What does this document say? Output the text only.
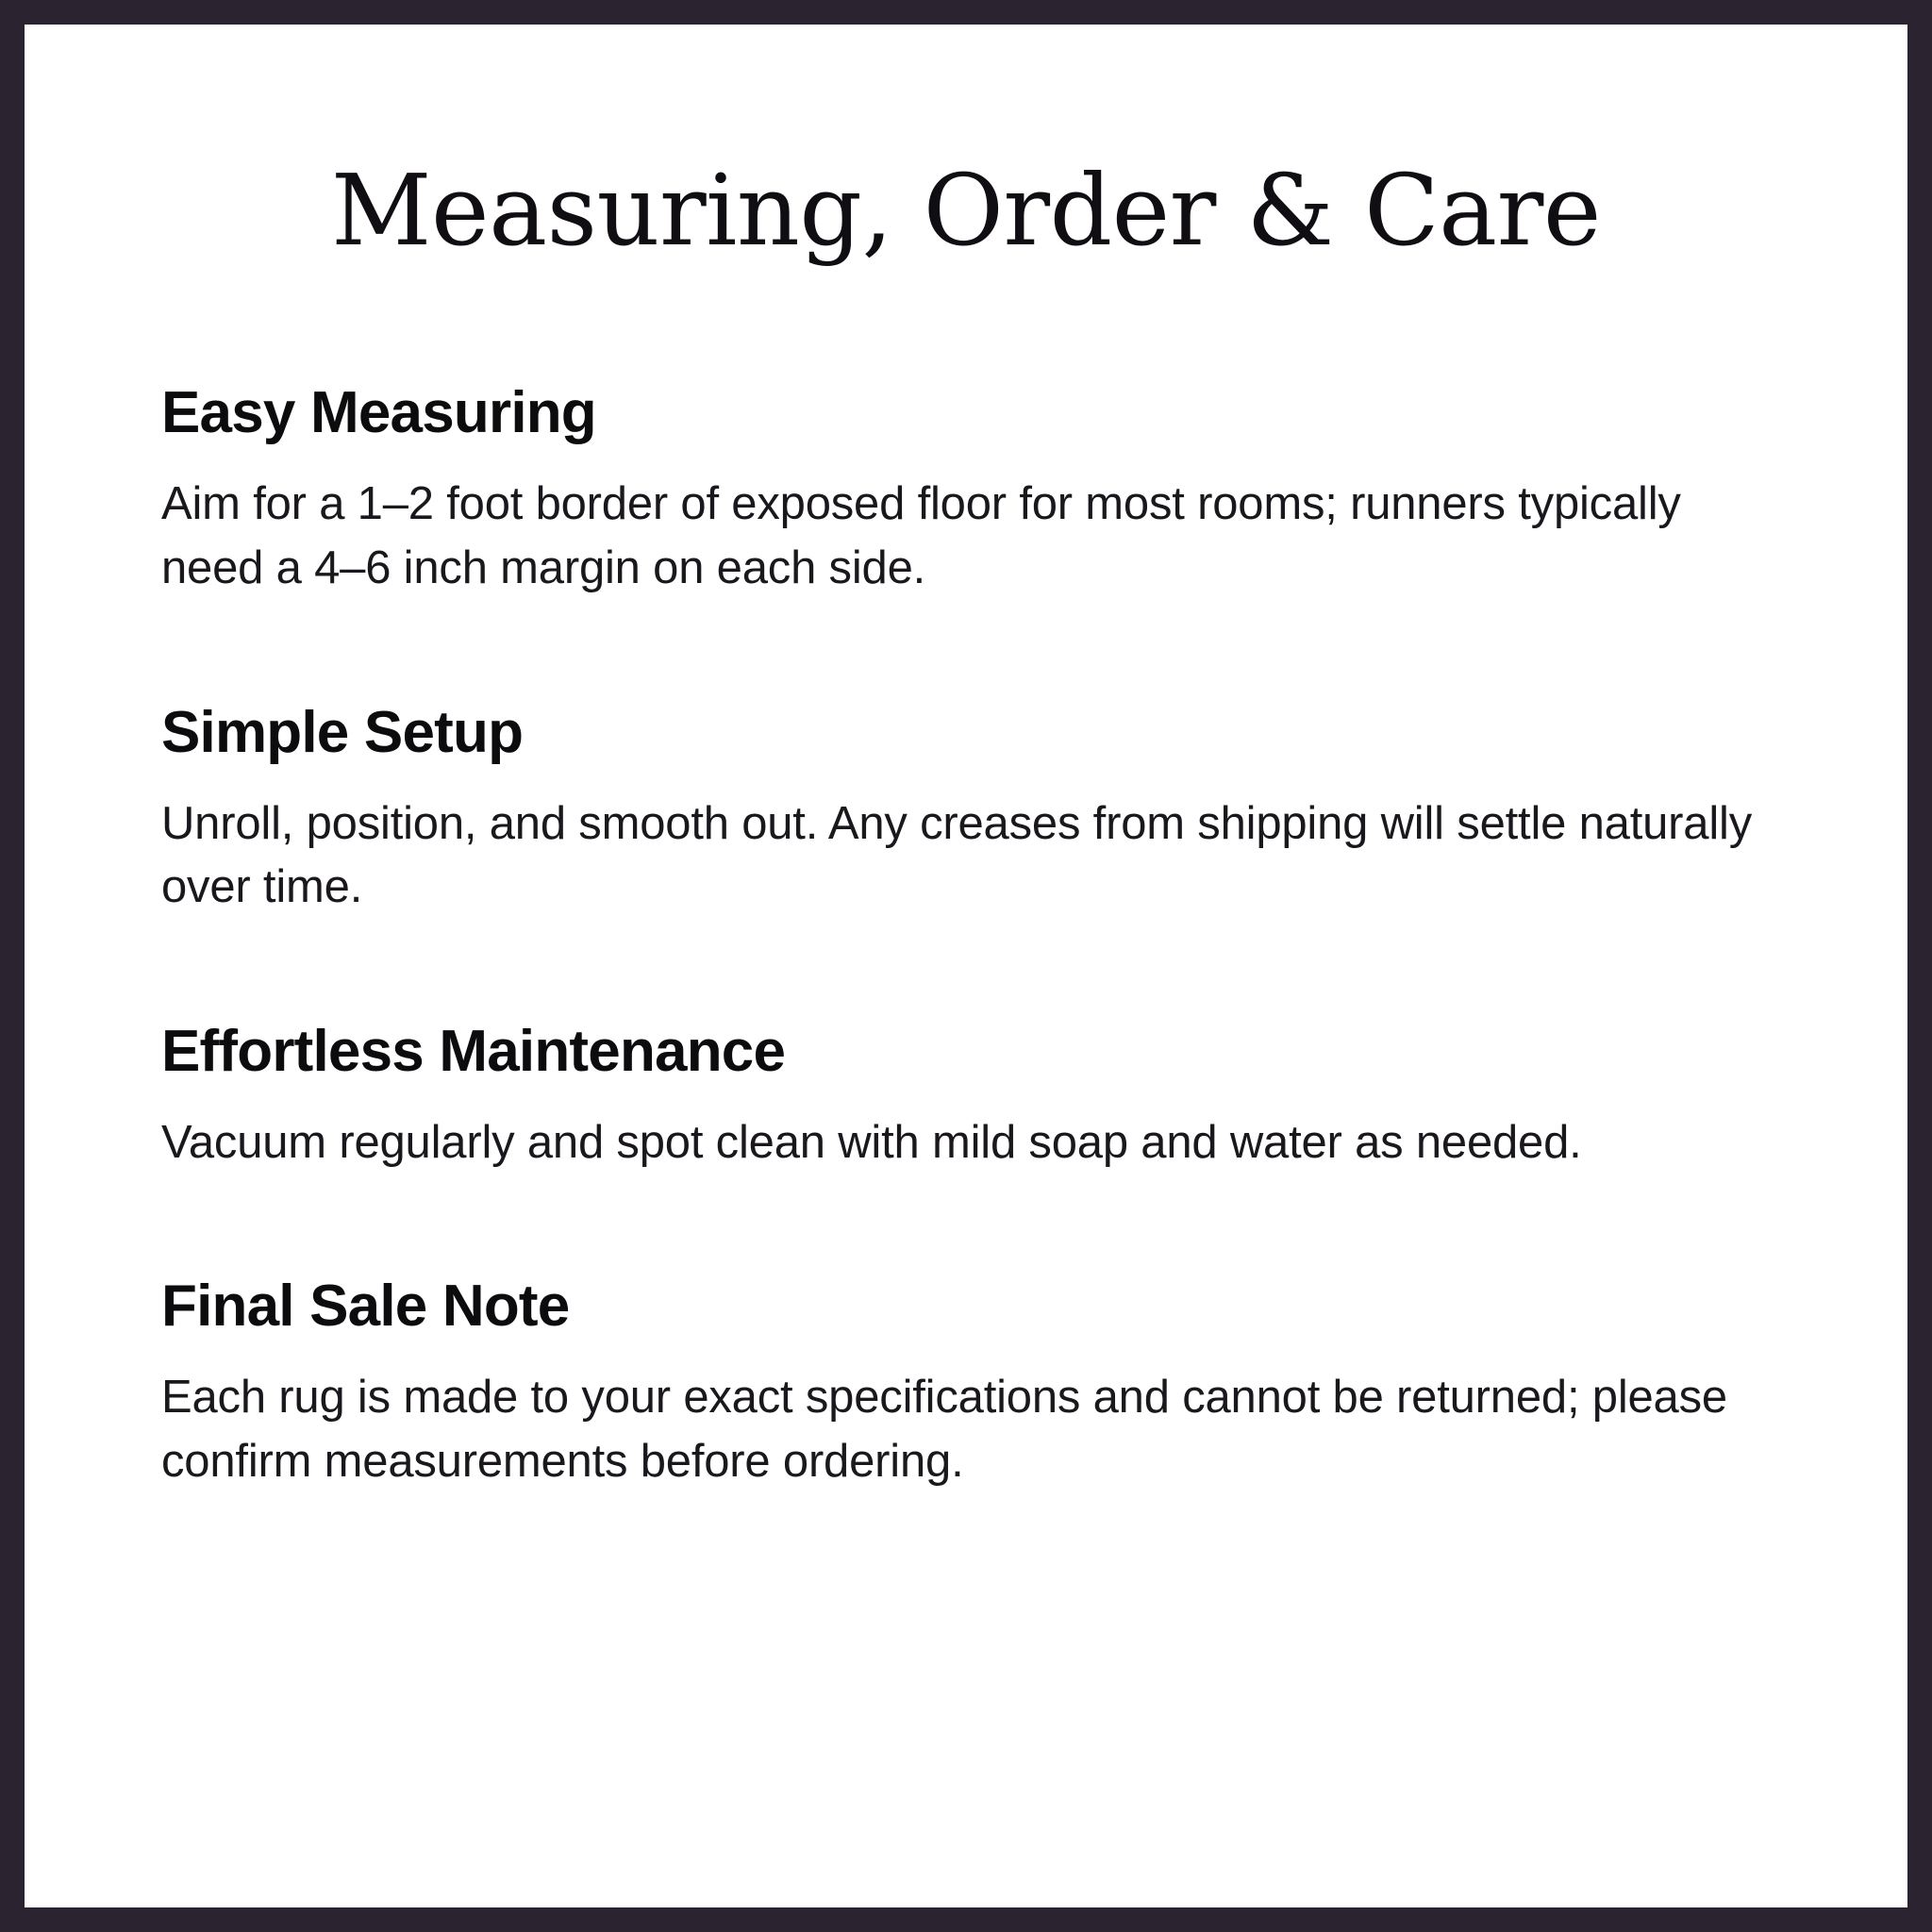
Measuring, Order & Care
Easy Measuring

Aim for a 1–2 foot border of exposed floor for most rooms; runners typically need a 4–6 inch margin on each side.

Simple Setup

Unroll, position, and smooth out. Any creases from shipping will settle naturally over time.

Effortless Maintenance

Vacuum regularly and spot clean with mild soap and water as needed.

Final Sale Note

Each rug is made to your exact specifications and cannot be returned; please confirm measurements before ordering.
